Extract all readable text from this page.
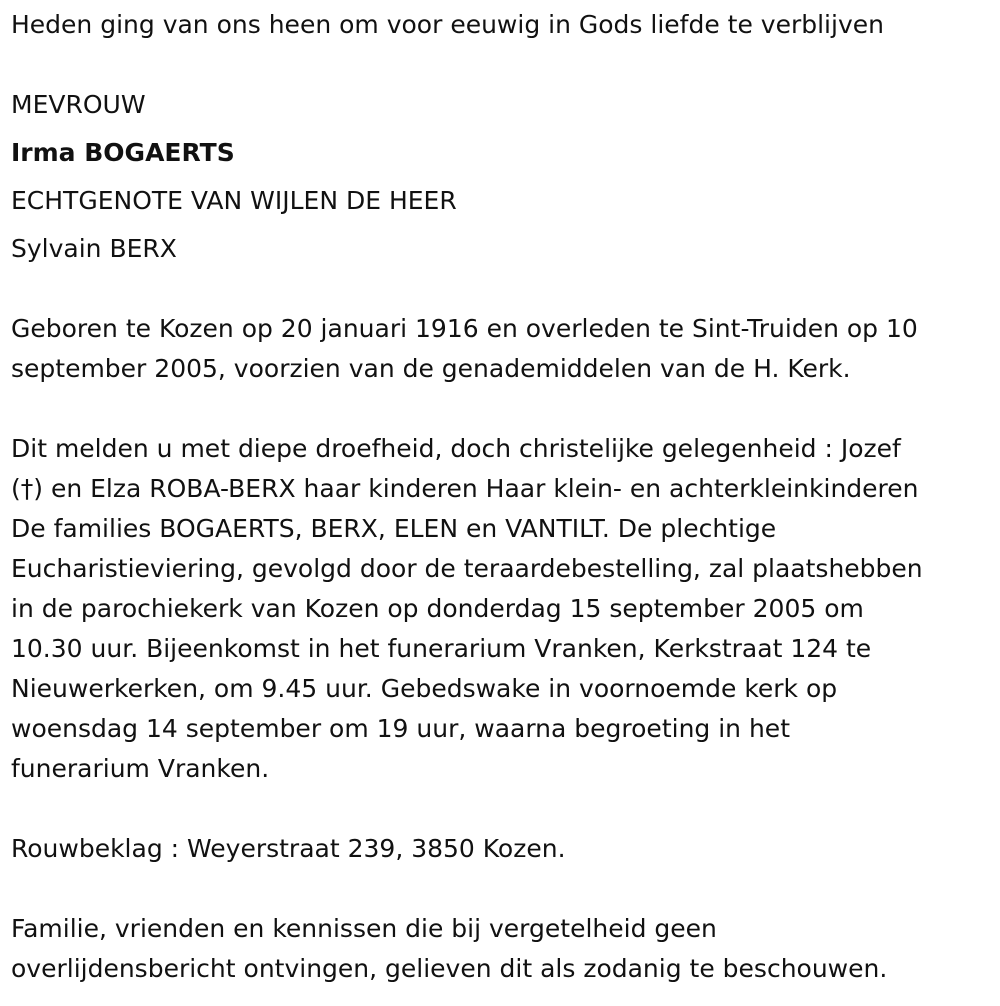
Heden ging van ons heen om voor eeuwig in Gods liefde te verblijven

MEVROUW

Irma BOGAERTS

ECHTGENOTE VAN WIJLEN DE HEER

Sylvain BERX

Geboren te Kozen op 20 januari 1916 en overleden te Sint-Truiden op 10

september 2005, voorzien van de genademiddelen van de H. Kerk.

Dit melden u met diepe droefheid, doch christelijke gelegenheid : Jozef

(†) en Elza ROBA-BERX haar kinderen Haar klein- en achterkleinkinderen

De families BOGAERTS, BERX, ELEN en VANTILT. De plechtige

Eucharistieviering, gevolgd door de teraardebestelling, zal plaatshebben

in de parochiekerk van Kozen op donderdag 15 september 2005 om

10.30 uur. Bijeenkomst in het funerarium Vranken, Kerkstraat 124 te

Nieuwerkerken, om 9.45 uur. Gebedswake in voornoemde kerk op

woensdag 14 september om 19 uur, waarna begroeting in het

funerarium Vranken.

Rouwbeklag : Weyerstraat 239, 3850 Kozen.

Familie, vrienden en kennissen die bij vergetelheid geen

overlijdensbericht ontvingen, gelieven dit als zodanig te beschouwen.
